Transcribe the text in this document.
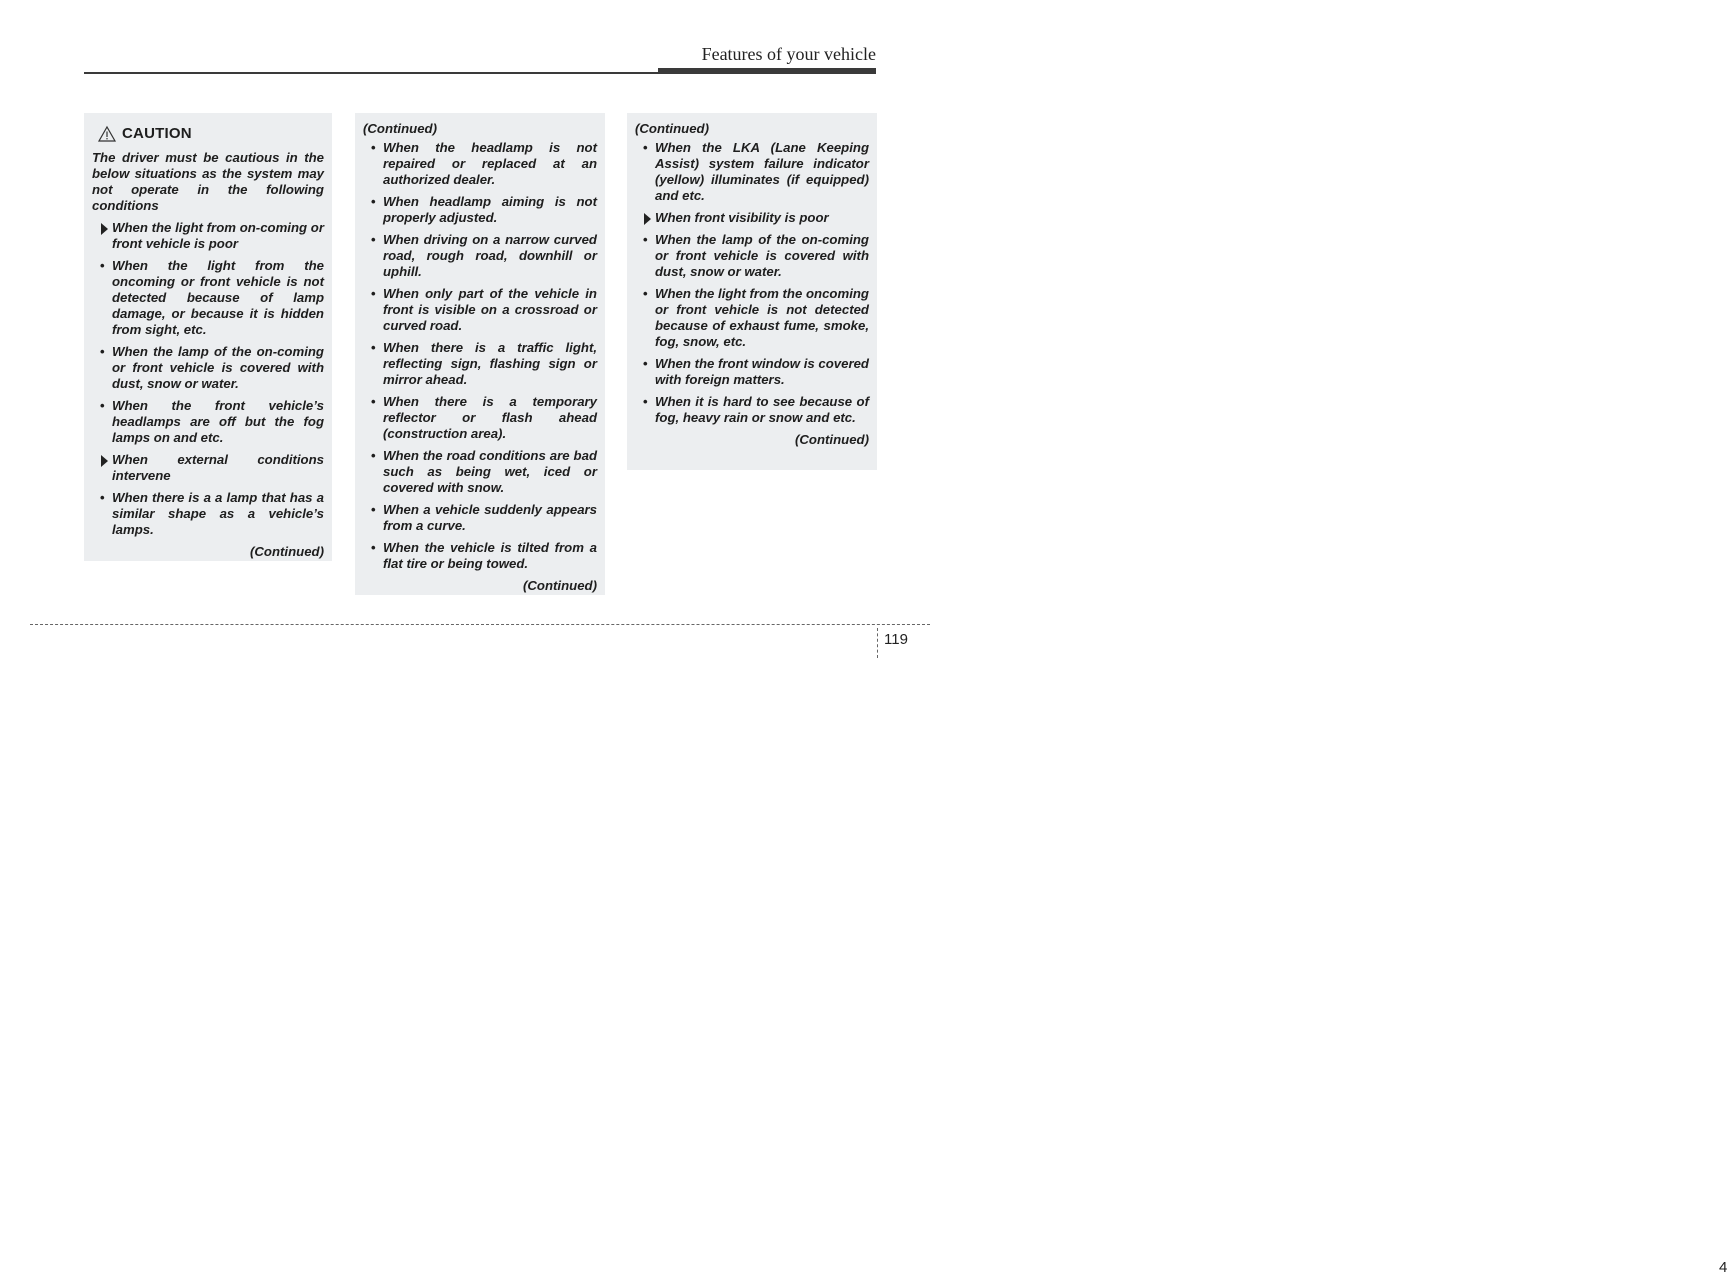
Features of your vehicle
CAUTION
The driver must be cautious in the below situations as the system may not operate in the following conditions
When the light from on-coming or front vehicle is poor
• When the light from the oncoming or front vehicle is not detected because of lamp damage, or because it is hidden from sight, etc.
• When the lamp of the on-coming or front vehicle is covered with dust, snow or water.
• When the front vehicle’s headlamps are off but the fog lamps on and etc.
When external conditions intervene
• When there is a a lamp that has a similar shape as a vehicle’s lamps.
(Continued)
(Continued)
• When the headlamp is not repaired or replaced at an authorized dealer.
• When headlamp aiming is not properly adjusted.
• When driving on a narrow curved road, rough road, downhill or uphill.
• When only part of the vehicle in front is visible on a crossroad or curved road.
• When there is a traffic light, reflecting sign, flashing sign or mirror ahead.
• When there is a temporary reflector or flash ahead (construction area).
• When the road conditions are bad such as being wet, iced or covered with snow.
• When a vehicle suddenly appears from a curve.
• When the vehicle is tilted from a flat tire or being towed.
(Continued)
(Continued)
• When the LKA (Lane Keeping Assist) system failure indicator (yellow) illuminates (if equipped) and etc.
When front visibility is poor
• When the lamp of the on-coming or front vehicle is covered with dust, snow or water.
• When the light from the oncoming or front vehicle is not detected because of exhaust fume, smoke, fog, snow, etc.
• When the front window is covered with foreign matters.
• When it is hard to see because of fog, heavy rain or snow and etc.
(Continued)
4
119
